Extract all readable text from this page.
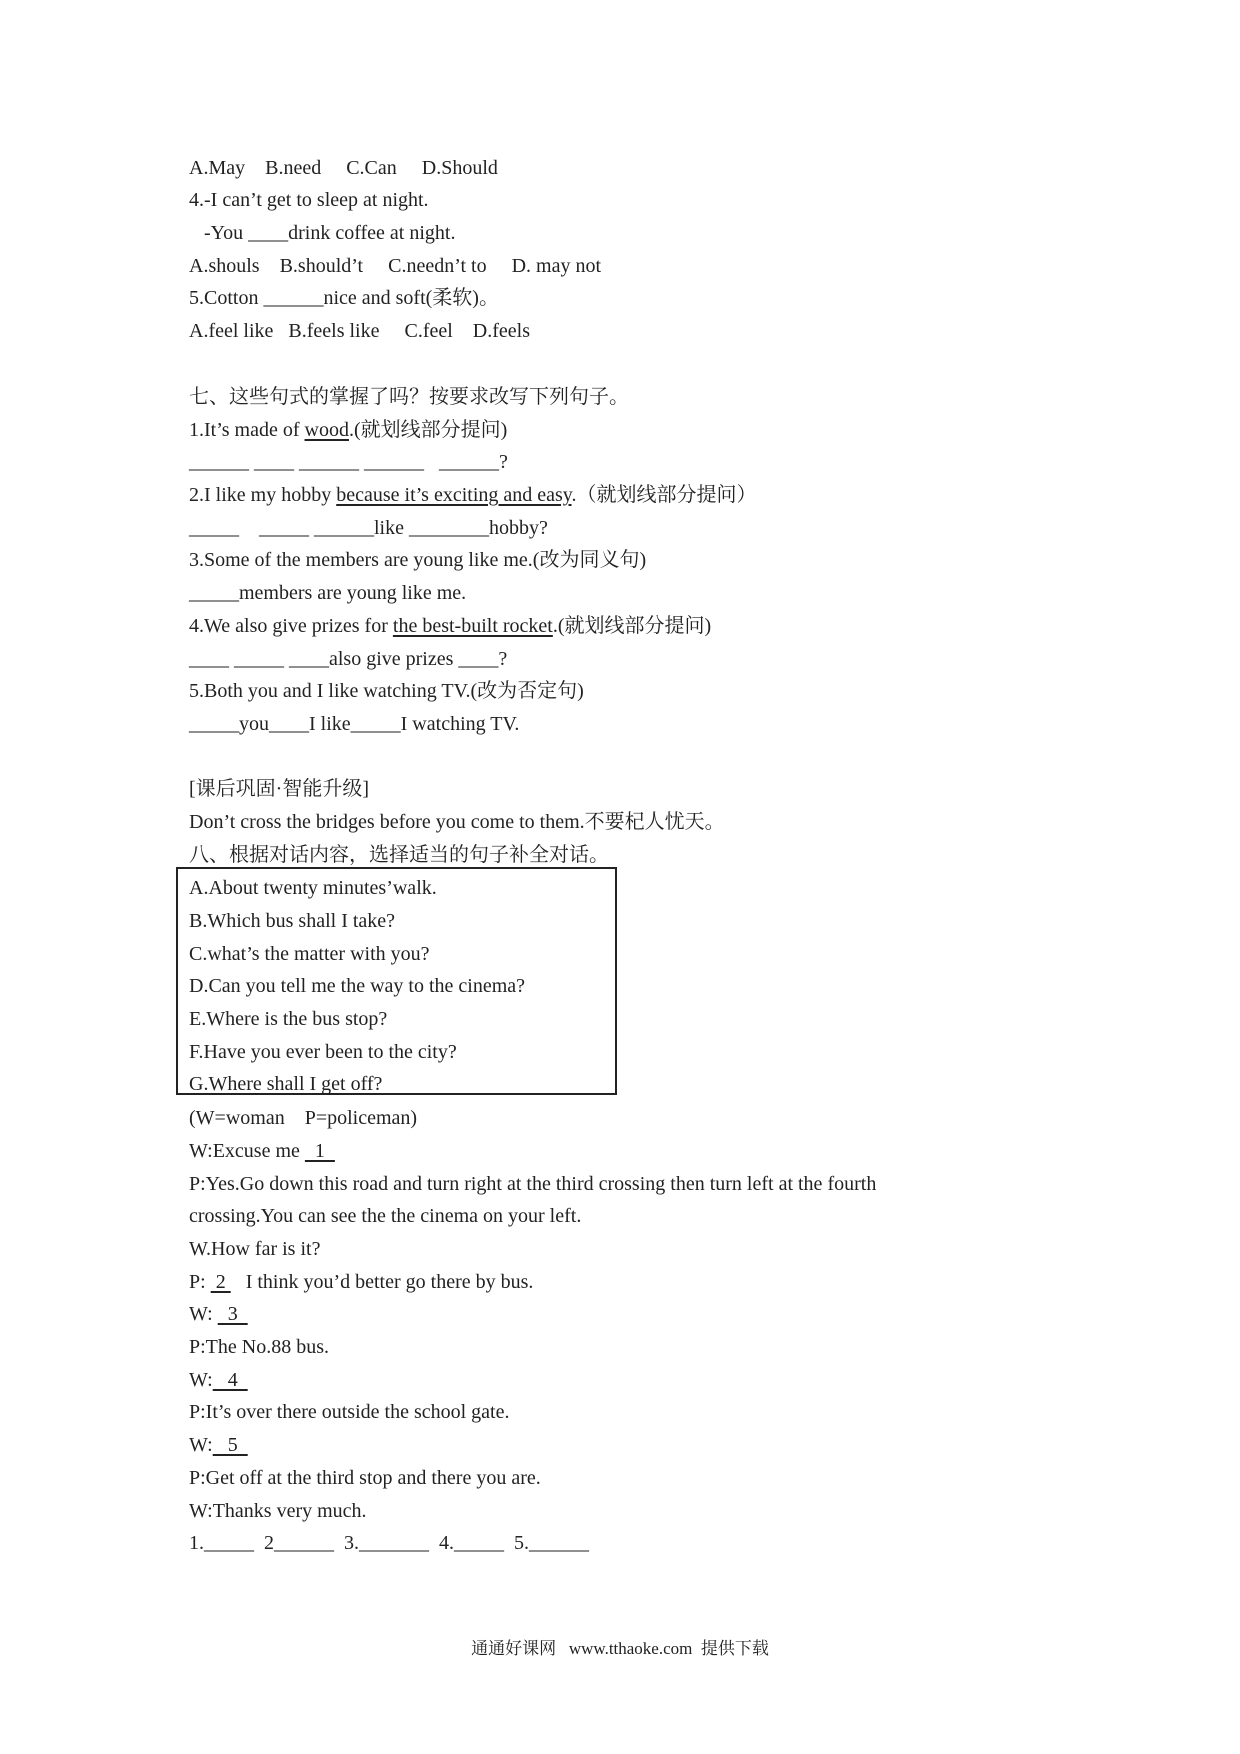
A.May    B.need     C.Can     D.Should
4.-I can’t get to sleep at night.
-You ____drink coffee at night.
A.shouls    B.should’t     C.needn’t to     D. may not
5.Cotton ______nice and soft(柔软)。
A.feel like   B.feels like     C.feel    D.feels
七、这些句式的掌握了吗？按要求改写下列句子。
1.It’s made of wood.(就划线部分提问)
______ ____ ______ ______   ______?
2.I like my hobby because it’s exciting and easy.（就划线部分提问）
_____    _____ ______like ________hobby?
3.Some of the members are young like me.(改为同义句)
_____members are young like me.
4.We also give prizes for the best-built rocket.(就划线部分提问)
____ _____ ____also give prizes ____?
5.Both you and I like watching TV.(改为否定句)
_____you____I like_____I watching TV.
[课后巩固·智能升级]
Don’t cross the bridges before you come to them.不要杞人忧天。
八、根据对话内容，选择适当的句子补全对话。
A.About twenty minutes’walk.
B.Which bus shall I take?
C.what’s the matter with you?
D.Can you tell me the way to the cinema?
E.Where is the bus stop?
F.Have you ever been to the city?
G.Where shall I get off?
(W=woman    P=policeman)
W:Excuse me   1
P:Yes.Go down this road and turn right at the third crossing then turn left at the fourth
crossing.You can see the the cinema on your left.
W.How far is it?
P:  2    I think you’d better go there by bus.
W:   3
P:The No.88 bus.
W:   4
P:It’s over there outside the school gate.
W:   5
P:Get off at the third stop and there you are.
W:Thanks very much.
1._____  2______  3._______  4._____  5.______
通通好课网   www.tthaoke.com  提供下载
